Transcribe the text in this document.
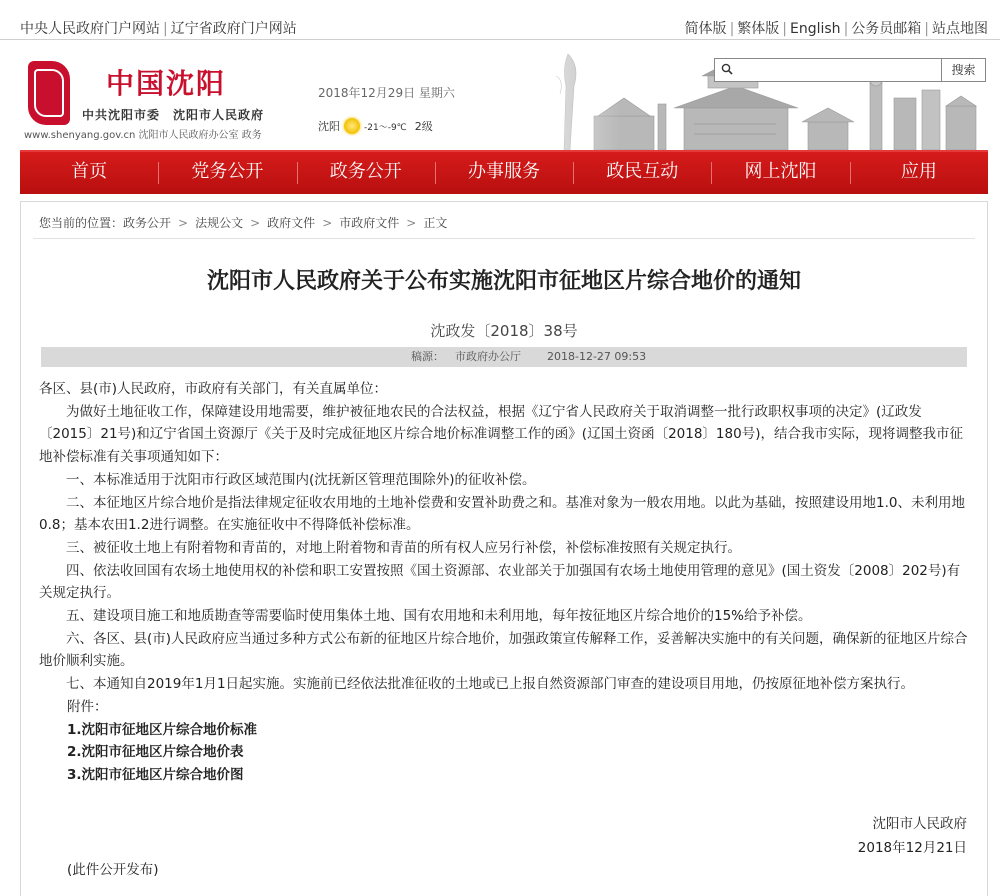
中央人民政府门户网站 | 辽宁省政府门户网站	简体版 | 繁体版 | English | 公务员邮箱 | 站点地图
中国沈阳
中共沈阳市委　沈阳市人民政府
www.shenyang.gov.cn 沈阳市人民政府办公室 政务
2018年12月29日 星期六
沈阳	-21～-9℃ 2级
搜索
首页	党务公开	政务公开	办事服务	政民互动	网上沈阳	应用
您当前的位置：政务公开 > 法规公文 > 政府文件 > 市政府文件 > 正文
沈阳市人民政府关于公布实施沈阳市征地区片综合地价的通知
沈政发〔2018〕38号
稿源： 市政府办公厅 2018-12-27 09:53

各区、县(市)人民政府，市政府有关部门，有关直属单位：

为做好土地征收工作，保障建设用地需要，维护被征地农民的合法权益，根据《辽宁省人民政府关于取消调整一批行政职权事项的决定》(辽政发〔2015〕21号)和辽宁省国土资源厅《关于及时完成征地区片综合地价标准调整工作的函》(辽国土资函〔2018〕180号)，结合我市实际，现将调整我市征地补偿标准有关事项通知如下：

一、本标准适用于沈阳市行政区域范围内(沈抚新区管理范围除外)的征收补偿。

二、本征地区片综合地价是指法律规定征收农用地的土地补偿费和安置补助费之和。基准对象为一般农用地。以此为基础，按照建设用地1.0、未利用地0.8；基本农田1.2进行调整。在实施征收中不得降低补偿标准。

三、被征收土地上有附着物和青苗的，对地上附着物和青苗的所有权人应另行补偿，补偿标准按照有关规定执行。

四、依法收回国有农场土地使用权的补偿和职工安置按照《国土资源部、农业部关于加强国有农场土地使用管理的意见》(国土资发〔2008〕202号)有关规定执行。

五、建设项目施工和地质勘查等需要临时使用集体土地、国有农用地和未利用地，每年按征地区片综合地价的15%给予补偿。

六、各区、县(市)人民政府应当通过多种方式公布新的征地区片综合地价，加强政策宣传解释工作，妥善解决实施中的有关问题，确保新的征地区片综合地价顺利实施。

七、本通知自2019年1月1日起实施。实施前已经依法批准征收的土地或已上报自然资源部门审查的建设项目用地，仍按原征地补偿方案执行。

附件：

1.沈阳市征地区片综合地价标准

2.沈阳市征地区片综合地价表

3.沈阳市征地区片综合地价图

沈阳市人民政府
2018年12月21日
(此件公开发布)
